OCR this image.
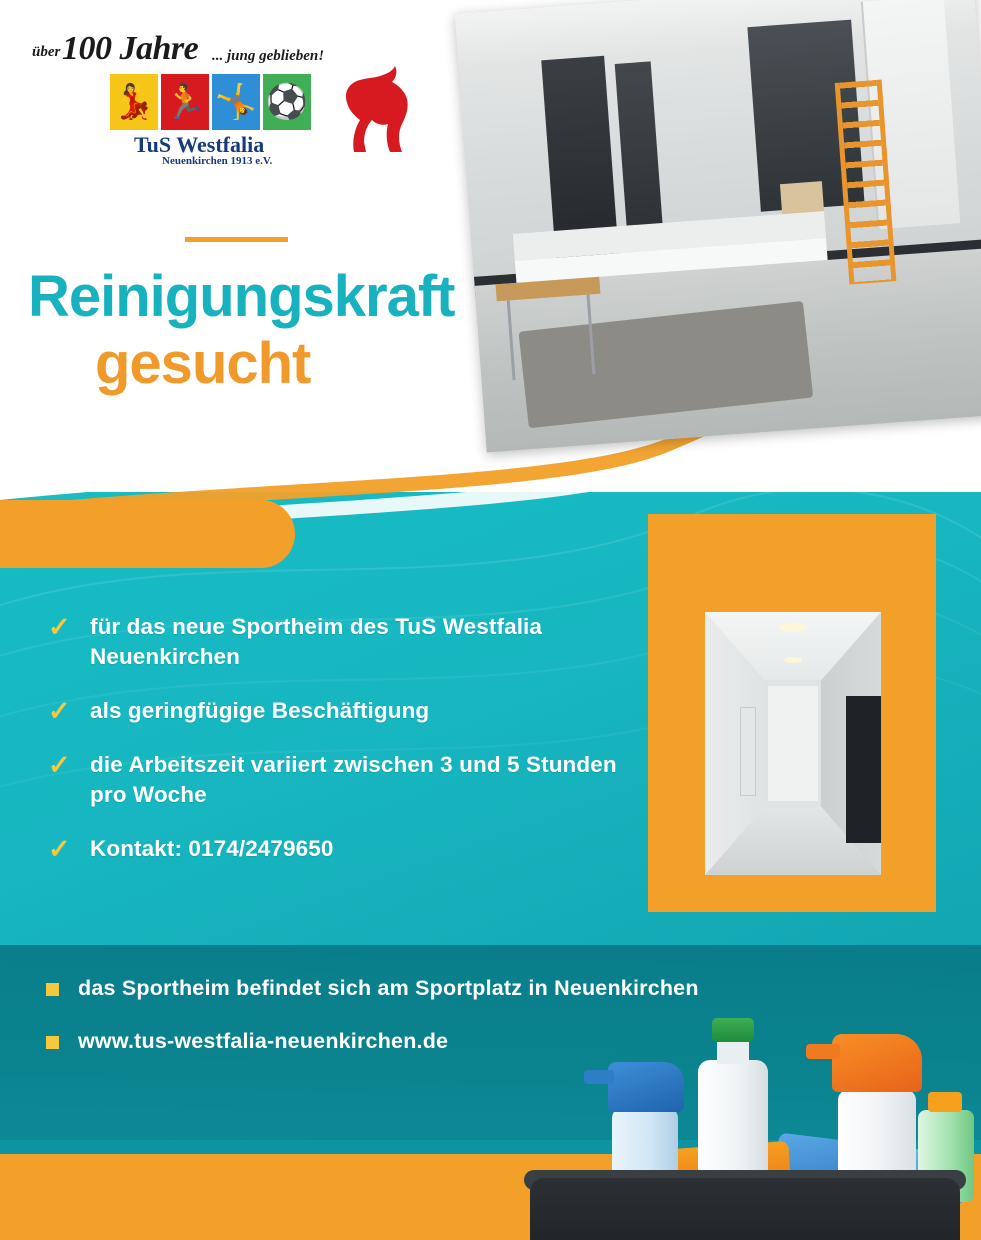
über 100 Jahre ... jung geblieben!
💃 🏃 🤸 ⚽
TuS Westfalia
Neuenkirchen 1913 e.V.
Reinigungskraft
gesucht
✓ für das neue Sportheim des TuS Westfalia Neuenkirchen
✓ als geringfügige Beschäftigung
✓ die Arbeitszeit variiert zwischen 3 und 5 Stunden pro Woche
✓ Kontakt: 0174/2479650
das Sportheim befindet sich am Sportplatz in Neuenkirchen
www.tus-westfalia-neuenkirchen.de
